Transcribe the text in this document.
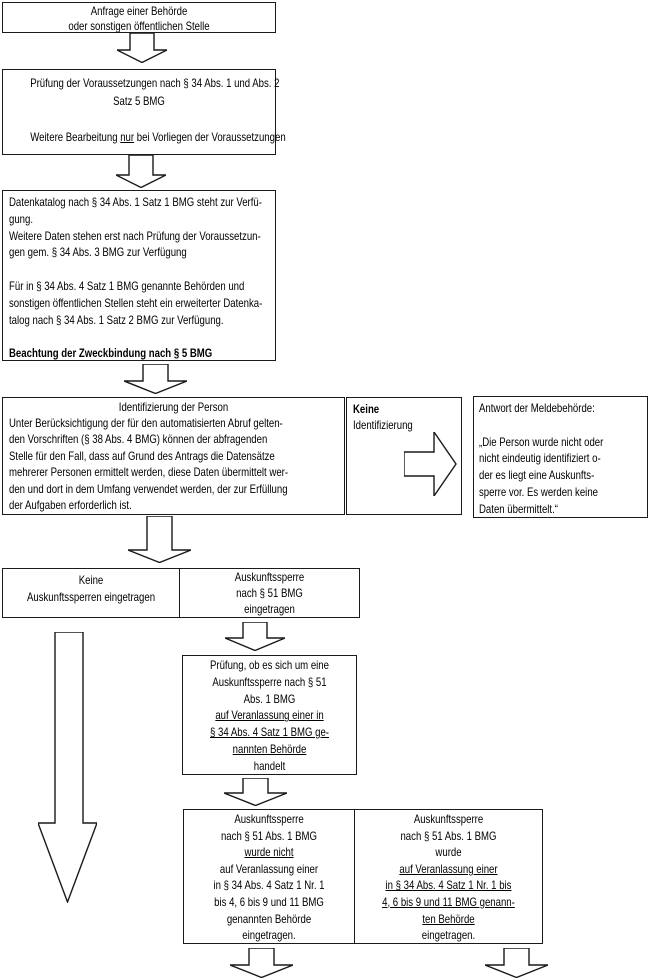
Anfrage einer Behörde
oder sonstigen öffentlichen Stelle
Prüfung der Voraussetzungen nach § 34 Abs. 1 und Abs. 2
Satz 5 BMG

Weitere Bearbeitung nur bei Vorliegen der Voraussetzungen
Datenkatalog nach § 34 Abs. 1 Satz 1 BMG steht zur Verfü-
gung.
Weitere Daten stehen erst nach Prüfung der Voraussetzun-
gen gem. § 34 Abs. 3 BMG zur Verfügung

Für in § 34 Abs. 4 Satz 1 BMG genannte Behörden und
sonstigen öffentlichen Stellen steht ein erweiterter Datenka-
talog nach § 34 Abs. 1 Satz 2 BMG zur Verfügung.

Beachtung der Zweckbindung nach § 5 BMG
Identifizierung der Person
Unter Berücksichtigung der für den automatisierten Abruf gelten-
den Vorschriften (§ 38 Abs. 4 BMG) können der abfragenden
Stelle für den Fall, dass auf Grund des Antrags die Datensätze
mehrerer Personen ermittelt werden, diese Daten übermittelt wer-
den und dort in dem Umfang verwendet werden, der zur Erfüllung
der Aufgaben erforderlich ist.
Keine
Identifizierung
Antwort der Meldebehörde:

„Die Person wurde nicht oder
nicht eindeutig identifiziert o-
der es liegt eine Auskunfts-
sperre vor. Es werden keine
Daten übermittelt.“
Keine
Auskunftssperren eingetragen
Auskunftssperre
nach § 51 BMG
eingetragen
Prüfung, ob es sich um eine
Auskunftssperre nach § 51
Abs. 1 BMG
auf Veranlassung einer in
§ 34 Abs. 4 Satz 1 BMG ge-
nannten Behörde
handelt
Auskunftssperre
nach § 51 Abs. 1 BMG
wurde nicht
auf Veranlassung einer
in § 34 Abs. 4 Satz 1 Nr. 1
bis 4, 6 bis 9 und 11 BMG
genannten Behörde
eingetragen.
Auskunftssperre
nach § 51 Abs. 1 BMG
wurde
auf Veranlassung einer
in § 34 Abs. 4 Satz 1 Nr. 1 bis
4, 6 bis 9 und 11 BMG genann-
ten Behörde
eingetragen.
